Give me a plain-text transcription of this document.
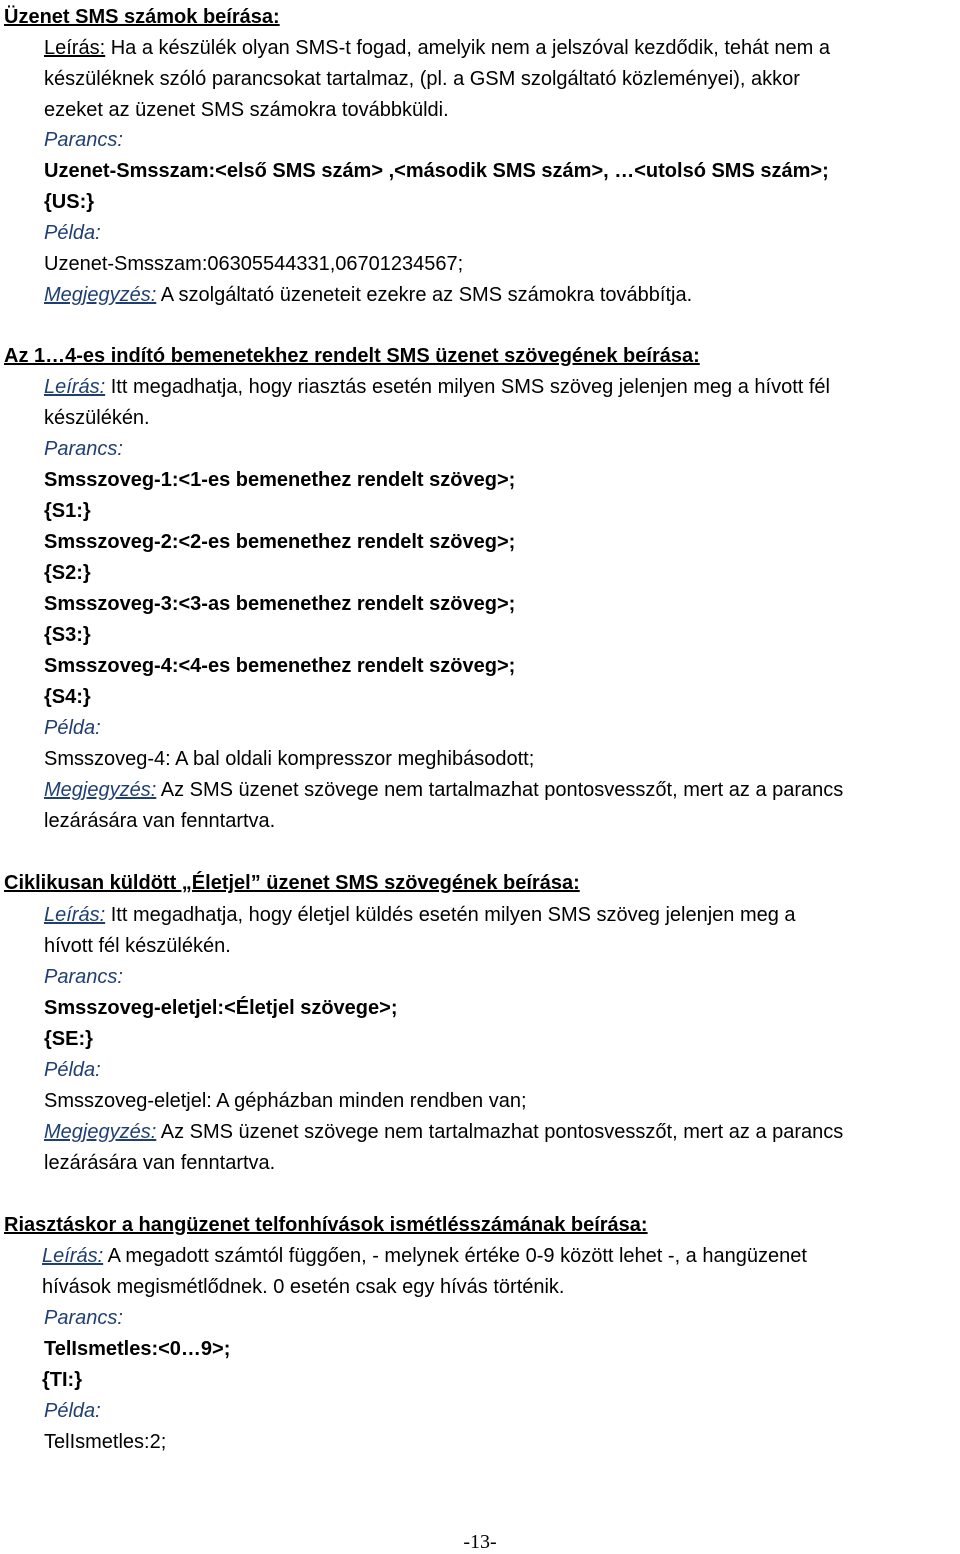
Üzenet SMS számok beírása:
Leírás: Ha a készülék olyan SMS-t fogad, amelyik nem a jelszóval kezdődik, tehát nem a
készüléknek szóló parancsokat tartalmaz, (pl. a GSM szolgáltató közleményei), akkor
ezeket az üzenet SMS számokra továbbküldi.
Parancs:
Uzenet-Smsszam:<első SMS szám> ,<második SMS szám>, …<utolsó SMS szám>;
{US:}
Példa:
Uzenet-Smsszam:06305544331,06701234567;
Megjegyzés: A szolgáltató üzeneteit ezekre az SMS számokra továbbítja.
Az 1…4-es indító bemenetekhez rendelt SMS üzenet szövegének beírása:
Leírás: Itt megadhatja, hogy riasztás esetén milyen SMS szöveg jelenjen meg a hívott fél
készülékén.
Parancs:
Smsszoveg-1:<1-es bemenethez rendelt szöveg>;
{S1:}
Smsszoveg-2:<2-es bemenethez rendelt szöveg>;
{S2:}
Smsszoveg-3:<3-as bemenethez rendelt szöveg>;
{S3:}
Smsszoveg-4:<4-es bemenethez rendelt szöveg>;
{S4:}
Példa:
Smsszoveg-4: A bal oldali kompresszor meghibásodott;
Megjegyzés: Az SMS üzenet szövege nem tartalmazhat pontosvesszőt, mert az a parancs
lezárására van fenntartva.
Ciklikusan küldött „Életjel” üzenet SMS szövegének beírása:
Leírás: Itt megadhatja, hogy életjel küldés esetén milyen SMS szöveg jelenjen meg a
hívott fél készülékén.
Parancs:
Smsszoveg-eletjel:<Életjel szövege>;
{SE:}
Példa:
Smsszoveg-eletjel: A gépházban minden rendben van;
Megjegyzés: Az SMS üzenet szövege nem tartalmazhat pontosvesszőt, mert az a parancs
lezárására van fenntartva.
Riasztáskor a hangüzenet telfonhívások ismétlésszámának beírása:
Leírás: A megadott számtól függően, - melynek értéke 0-9 között lehet -, a hangüzenet
hívások megismétlődnek. 0 esetén csak egy hívás történik.
Parancs:
TelIsmetles:<0…9>;
{TI:}
Példa:
TelIsmetles:2;
-13-
